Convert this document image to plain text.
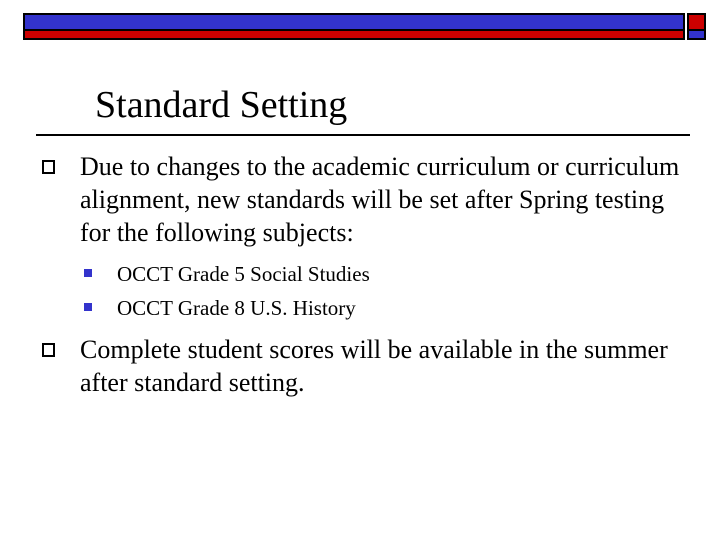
Standard Setting
Due to changes to the academic curriculum or curriculum alignment, new standards will be set after Spring testing for the following subjects:
OCCT Grade 5 Social Studies
OCCT Grade 8 U.S. History
Complete student scores will be available in the summer after standard setting.
